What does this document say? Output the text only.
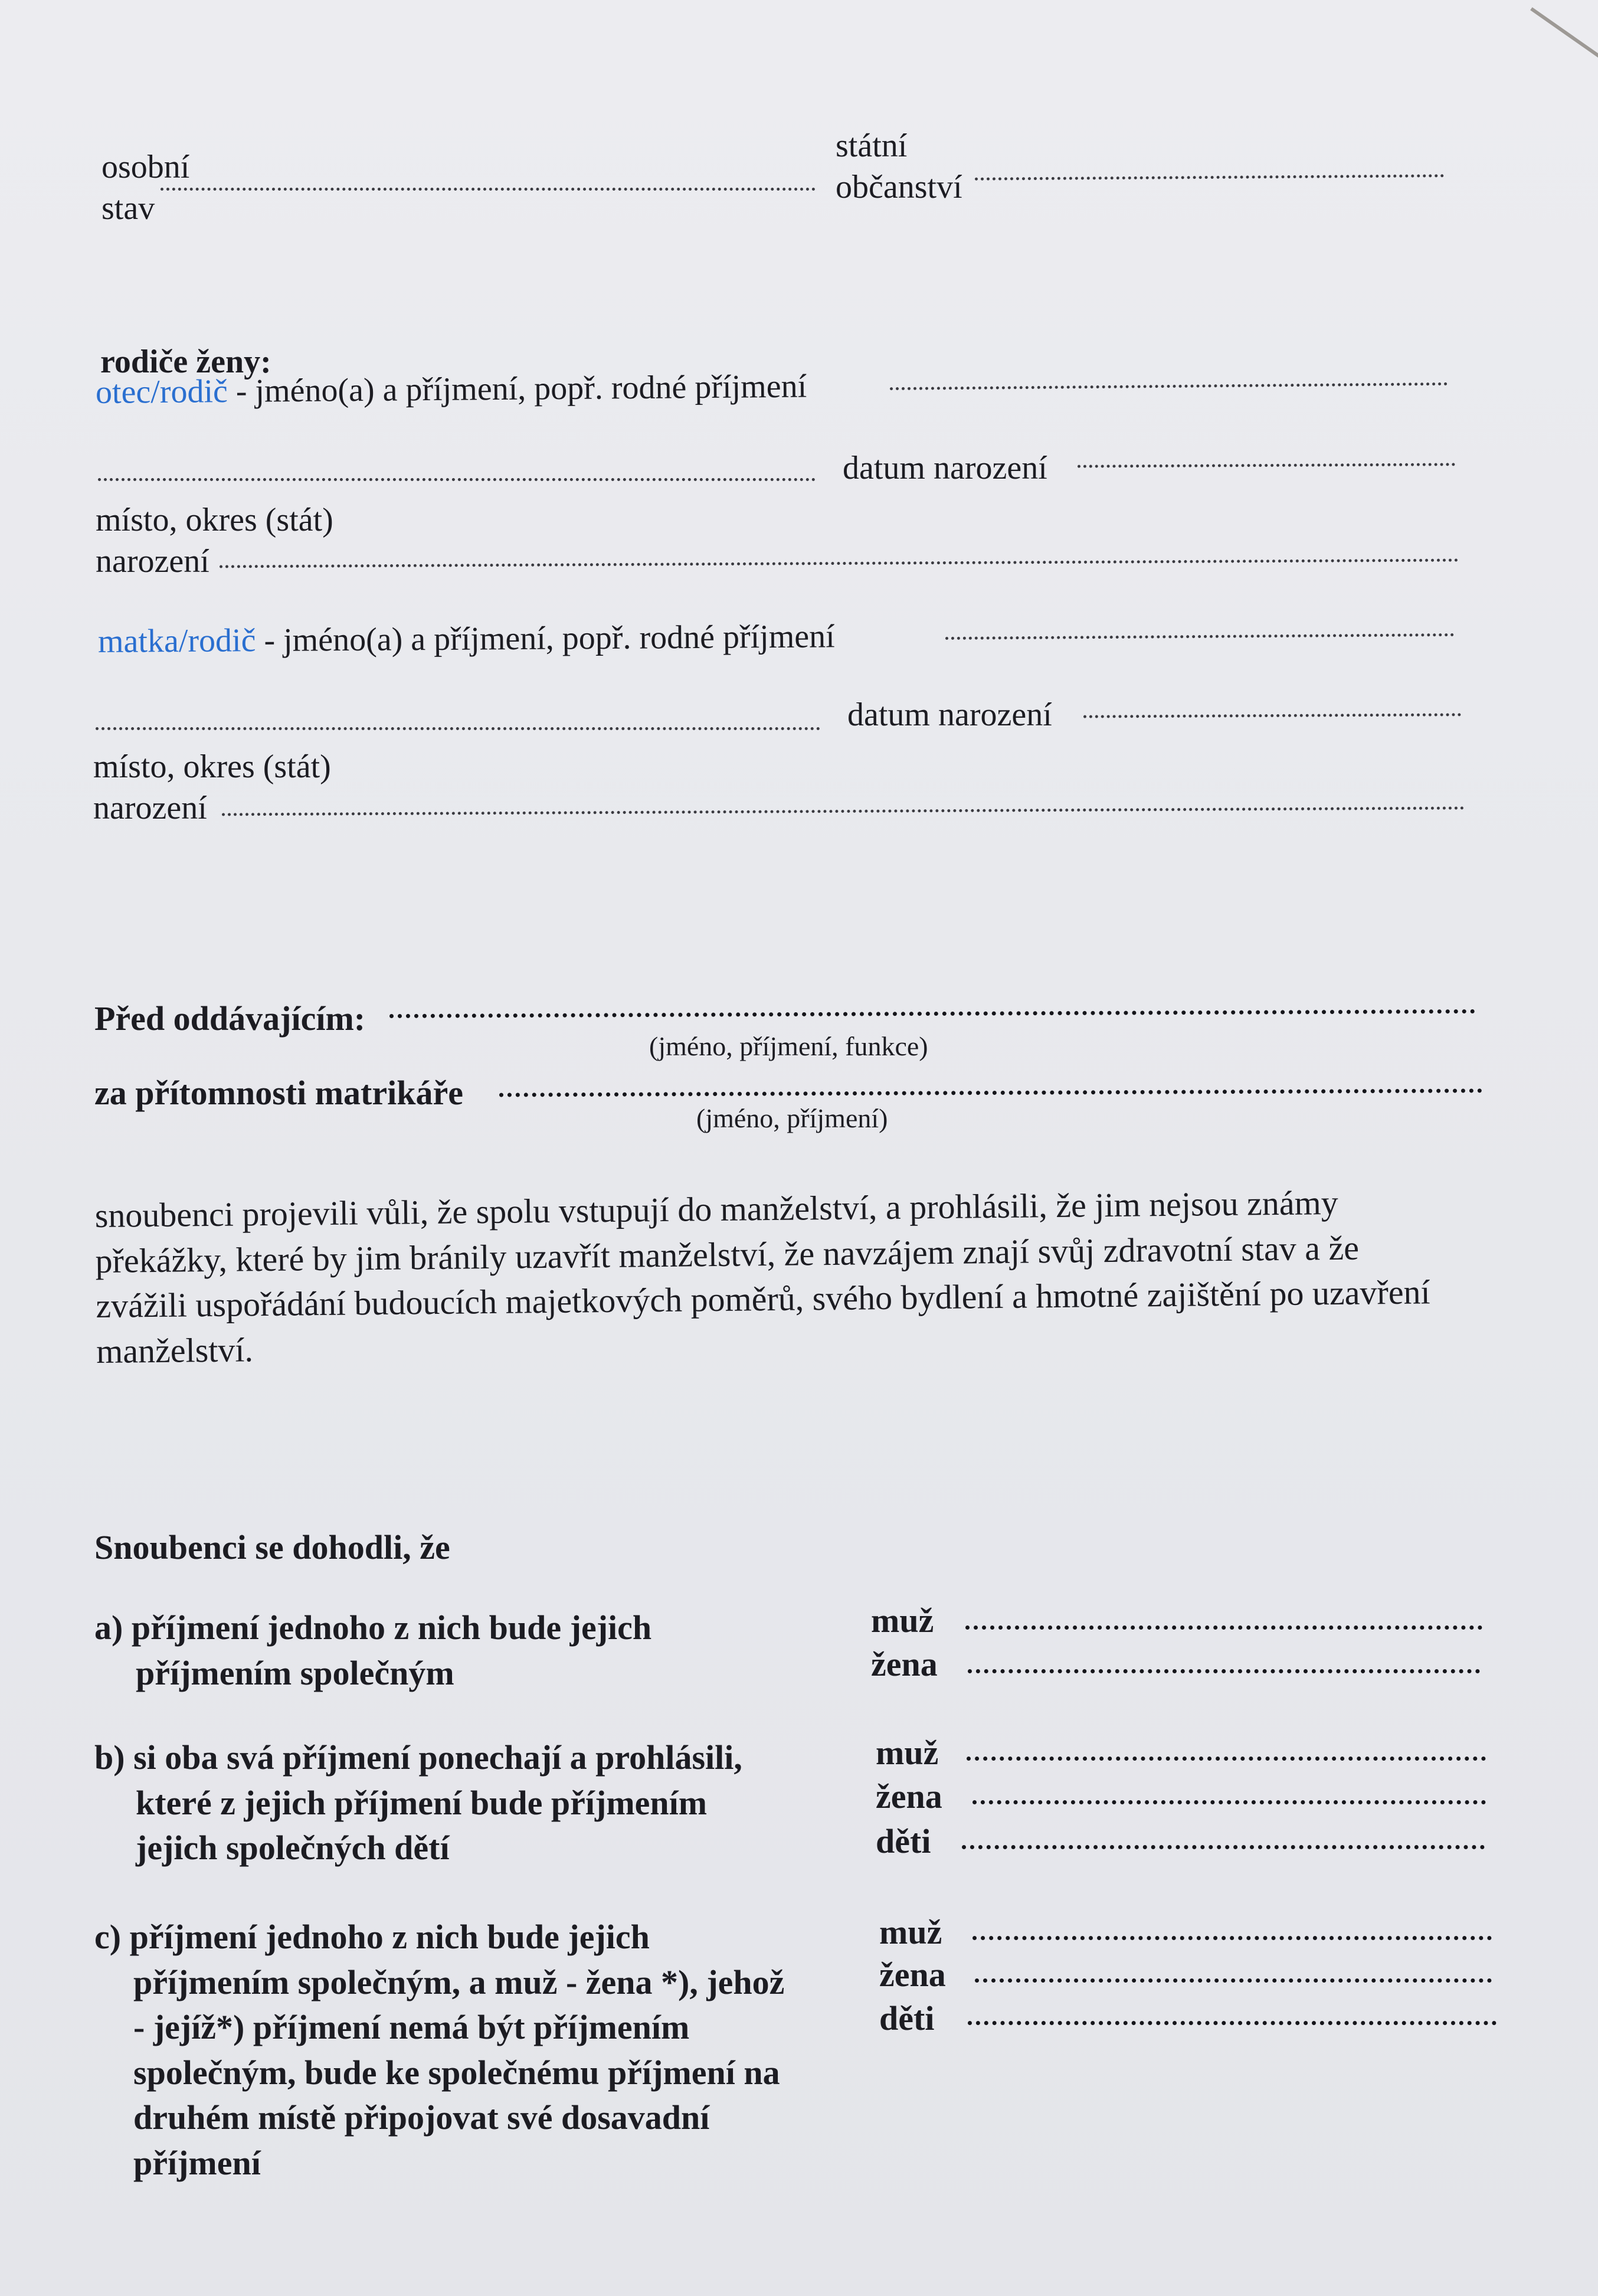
osobní
stav
státní
občanství
rodiče ženy:
otec/rodič - jméno(a) a příjmení, popř. rodné příjmení
datum narození
místo, okres (stát)
narození
matka/rodič - jméno(a) a příjmení, popř. rodné příjmení
datum narození
místo, okres (stát)
narození
Před oddávajícím:
(jméno, příjmení, funkce)
za přítomnosti matrikáře
(jméno, příjmení)
snoubenci projevili vůli, že spolu vstupují do manželství, a prohlásili, že jim nejsou známy
překážky, které by jim bránily uzavřít manželství, že navzájem znají svůj zdravotní stav a že
zvážili uspořádání budoucích majetkových poměrů, svého bydlení a hmotné zajištění po uzavření
manželství.
Snoubenci se dohodli, že
a) příjmení jednoho z nich bude jejich
příjmením společným
muž
žena
b) si oba svá příjmení ponechají a prohlásili,
které z jejich příjmení bude příjmením
jejich společných dětí
muž
žena
děti
c) příjmení jednoho z nich bude jejich
příjmením společným, a muž - žena *), jehož
- jejíž*) příjmení nemá být příjmením
společným, bude ke společnému příjmení na
druhém místě připojovat své dosavadní
příjmení
muž
žena
děti
